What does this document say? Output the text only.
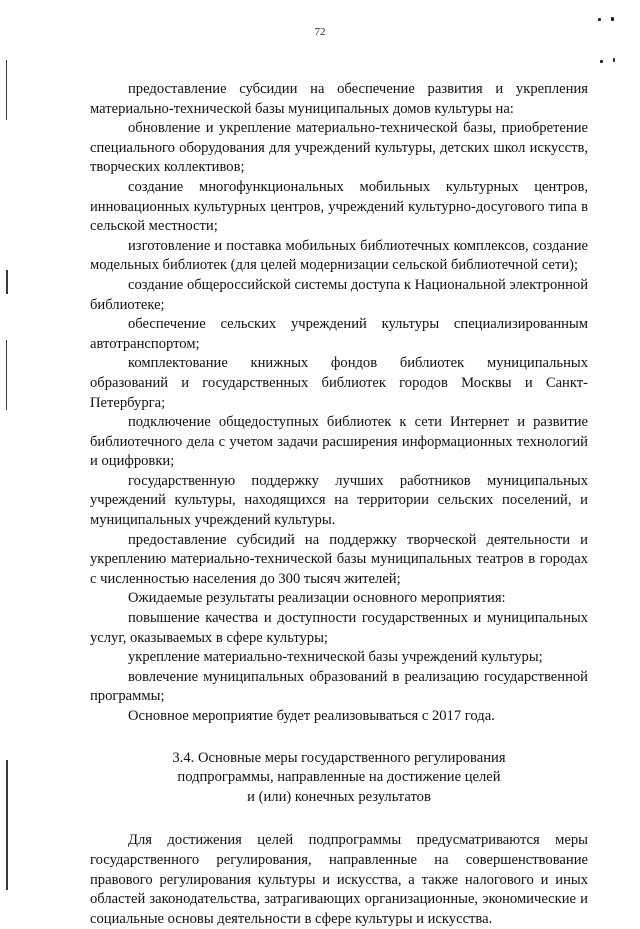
72

предоставление субсидии на обеспечение развития и укрепления материально-технической базы муниципальных домов культуры на:

обновление и укрепление материально-технической базы, приобретение специального оборудования для учреждений культуры, детских школ искусств, творческих коллективов;

создание многофункциональных мобильных культурных центров, инновационных культурных центров, учреждений культурно-досугового типа в сельской местности;

изготовление и поставка мобильных библиотечных комплексов, создание модельных библиотек (для целей модернизации сельской библиотечной сети);

создание общероссийской системы доступа к Национальной электронной библиотеке;

обеспечение сельских учреждений культуры специализированным автотранспортом;

комплектование книжных фондов библиотек муниципальных образований и государственных библиотек городов Москвы и Санкт-Петербурга;

подключение общедоступных библиотек к сети Интернет и развитие библиотечного дела с учетом задачи расширения информационных технологий и оцифровки;

государственную поддержку лучших работников муниципальных учреждений культуры, находящихся на территории сельских поселений, и муниципальных учреждений культуры.

предоставление субсидий на поддержку творческой деятельности и укреплению материально-технической базы муниципальных театров в городах с численностью населения до 300 тысяч жителей;

Ожидаемые результаты реализации основного мероприятия:

повышение качества и доступности государственных и муниципальных услуг, оказываемых в сфере культуры;

укрепление материально-технической базы учреждений культуры;

вовлечение муниципальных образований в реализацию государственной программы;

Основное мероприятие будет реализовываться с 2017 года.

3.4. Основные меры государственного регулирования
подпрограммы, направленные на достижение целей
и (или) конечных результатов

Для достижения целей подпрограммы предусматриваются меры государственного регулирования, направленные на совершенствование правового регулирования культуры и искусства, а также налогового и иных областей законодательства, затрагивающих организационные, экономические и социальные основы деятельности в сфере культуры и искусства.
